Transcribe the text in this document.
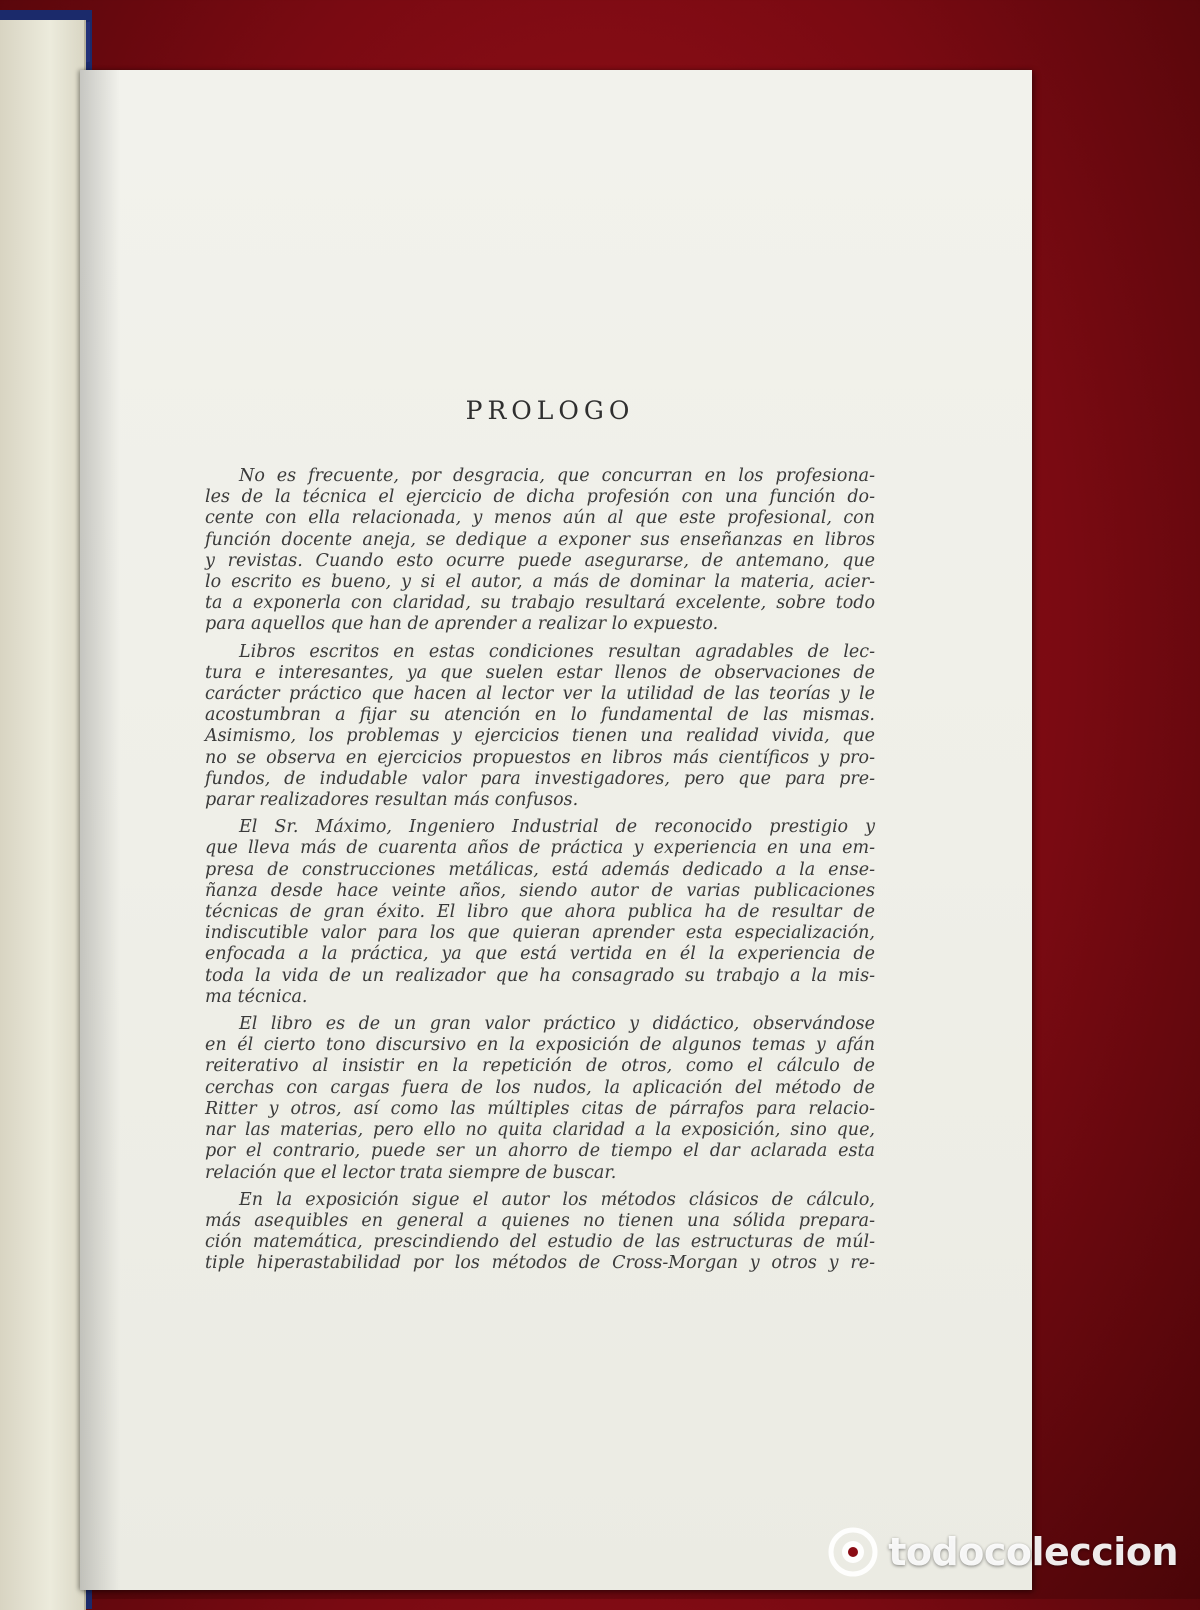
PROLOGO
No es frecuente, por desgracia, que concurran en los profesiona-
les de la técnica el ejercicio de dicha profesión con una función do-
cente con ella relacionada, y menos aún al que este profesional, con
función docente aneja, se dedique a exponer sus enseñanzas en libros
y revistas. Cuando esto ocurre puede asegurarse, de antemano, que
lo escrito es bueno, y si el autor, a más de dominar la materia, acier-
ta a exponerla con claridad, su trabajo resultará excelente, sobre todo
para aquellos que han de aprender a realizar lo expuesto.
Libros escritos en estas condiciones resultan agradables de lec-
tura e interesantes, ya que suelen estar llenos de observaciones de
carácter práctico que hacen al lector ver la utilidad de las teorías y le
acostumbran a fijar su atención en lo fundamental de las mismas.
Asimismo, los problemas y ejercicios tienen una realidad vivida, que
no se observa en ejercicios propuestos en libros más científicos y pro-
fundos, de indudable valor para investigadores, pero que para pre-
parar realizadores resultan más confusos.
El Sr. Máximo, Ingeniero Industrial de reconocido prestigio y
que lleva más de cuarenta años de práctica y experiencia en una em-
presa de construcciones metálicas, está además dedicado a la ense-
ñanza desde hace veinte años, siendo autor de varias publicaciones
técnicas de gran éxito. El libro que ahora publica ha de resultar de
indiscutible valor para los que quieran aprender esta especialización,
enfocada a la práctica, ya que está vertida en él la experiencia de
toda la vida de un realizador que ha consagrado su trabajo a la mis-
ma técnica.
El libro es de un gran valor práctico y didáctico, observándose
en él cierto tono discursivo en la exposición de algunos temas y afán
reiterativo al insistir en la repetición de otros, como el cálculo de
cerchas con cargas fuera de los nudos, la aplicación del método de
Ritter y otros, así como las múltiples citas de párrafos para relacio-
nar las materias, pero ello no quita claridad a la exposición, sino que,
por el contrario, puede ser un ahorro de tiempo el dar aclarada esta
relación que el lector trata siempre de buscar.
En la exposición sigue el autor los métodos clásicos de cálculo,
más asequibles en general a quienes no tienen una sólida prepara-
ción matemática, prescindiendo del estudio de las estructuras de múl-
tiple hiperastabilidad por los métodos de Cross-Morgan y otros y re-
todocoleccion
